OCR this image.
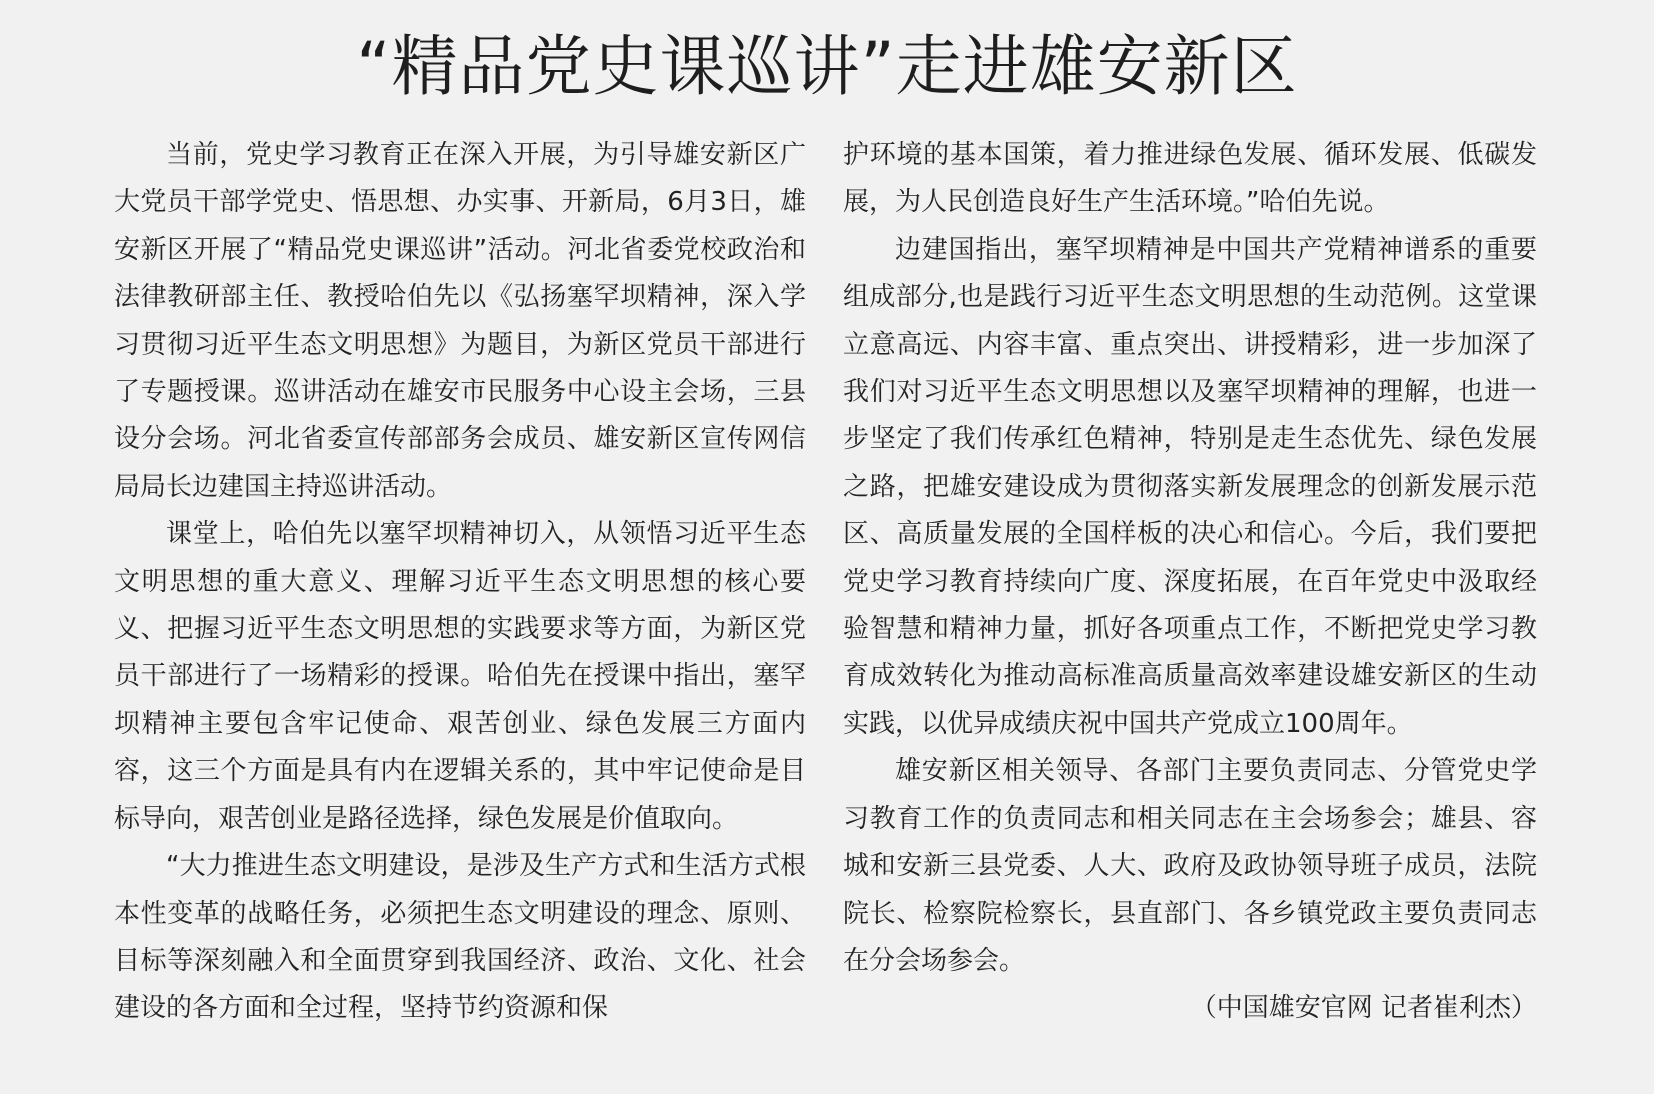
“精品党史课巡讲”走进雄安新区

当前，党史学习教育正在深入开展，为引导雄安新区广大党员干部学党史、悟思想、办实事、开新局，6月3日，雄安新区开展了“精品党史课巡讲”活动。河北省委党校政治和法律教研部主任、教授哈伯先以《弘扬塞罕坝精神，深入学习贯彻习近平生态文明思想》为题目，为新区党员干部进行了专题授课。巡讲活动在雄安市民服务中心设主会场，三县设分会场。河北省委宣传部部务会成员、雄安新区宣传网信局局长边建国主持巡讲活动。

课堂上，哈伯先以塞罕坝精神切入，从领悟习近平生态文明思想的重大意义、理解习近平生态文明思想的核心要义、把握习近平生态文明思想的实践要求等方面，为新区党员干部进行了一场精彩的授课。哈伯先在授课中指出，塞罕坝精神主要包含牢记使命、艰苦创业、绿色发展三方面内容，这三个方面是具有内在逻辑关系的，其中牢记使命是目标导向，艰苦创业是路径选择，绿色发展是价值取向。

“大力推进生态文明建设，是涉及生产方式和生活方式根本性变革的战略任务，必须把生态文明建设的理念、原则、目标等深刻融入和全面贯穿到我国经济、政治、文化、社会建设的各方面和全过程，坚持节约资源和保

护环境的基本国策，着力推进绿色发展、循环发展、低碳发展，为人民创造良好生产生活环境。”哈伯先说。

边建国指出，塞罕坝精神是中国共产党精神谱系的重要组成部分,也是践行习近平生态文明思想的生动范例。这堂课立意高远、内容丰富、重点突出、讲授精彩，进一步加深了我们对习近平生态文明思想以及塞罕坝精神的理解，也进一步坚定了我们传承红色精神，特别是走生态优先、绿色发展之路，把雄安建设成为贯彻落实新发展理念的创新发展示范区、高质量发展的全国样板的决心和信心。今后，我们要把党史学习教育持续向广度、深度拓展，在百年党史中汲取经验智慧和精神力量，抓好各项重点工作，不断把党史学习教育成效转化为推动高标准高质量高效率建设雄安新区的生动实践，以优异成绩庆祝中国共产党成立100周年。

雄安新区相关领导、各部门主要负责同志、分管党史学习教育工作的负责同志和相关同志在主会场参会；雄县、容城和安新三县党委、人大、政府及政协领导班子成员，法院院长、检察院检察长，县直部门、各乡镇党政主要负责同志在分会场参会。

（中国雄安官网 记者崔利杰）
